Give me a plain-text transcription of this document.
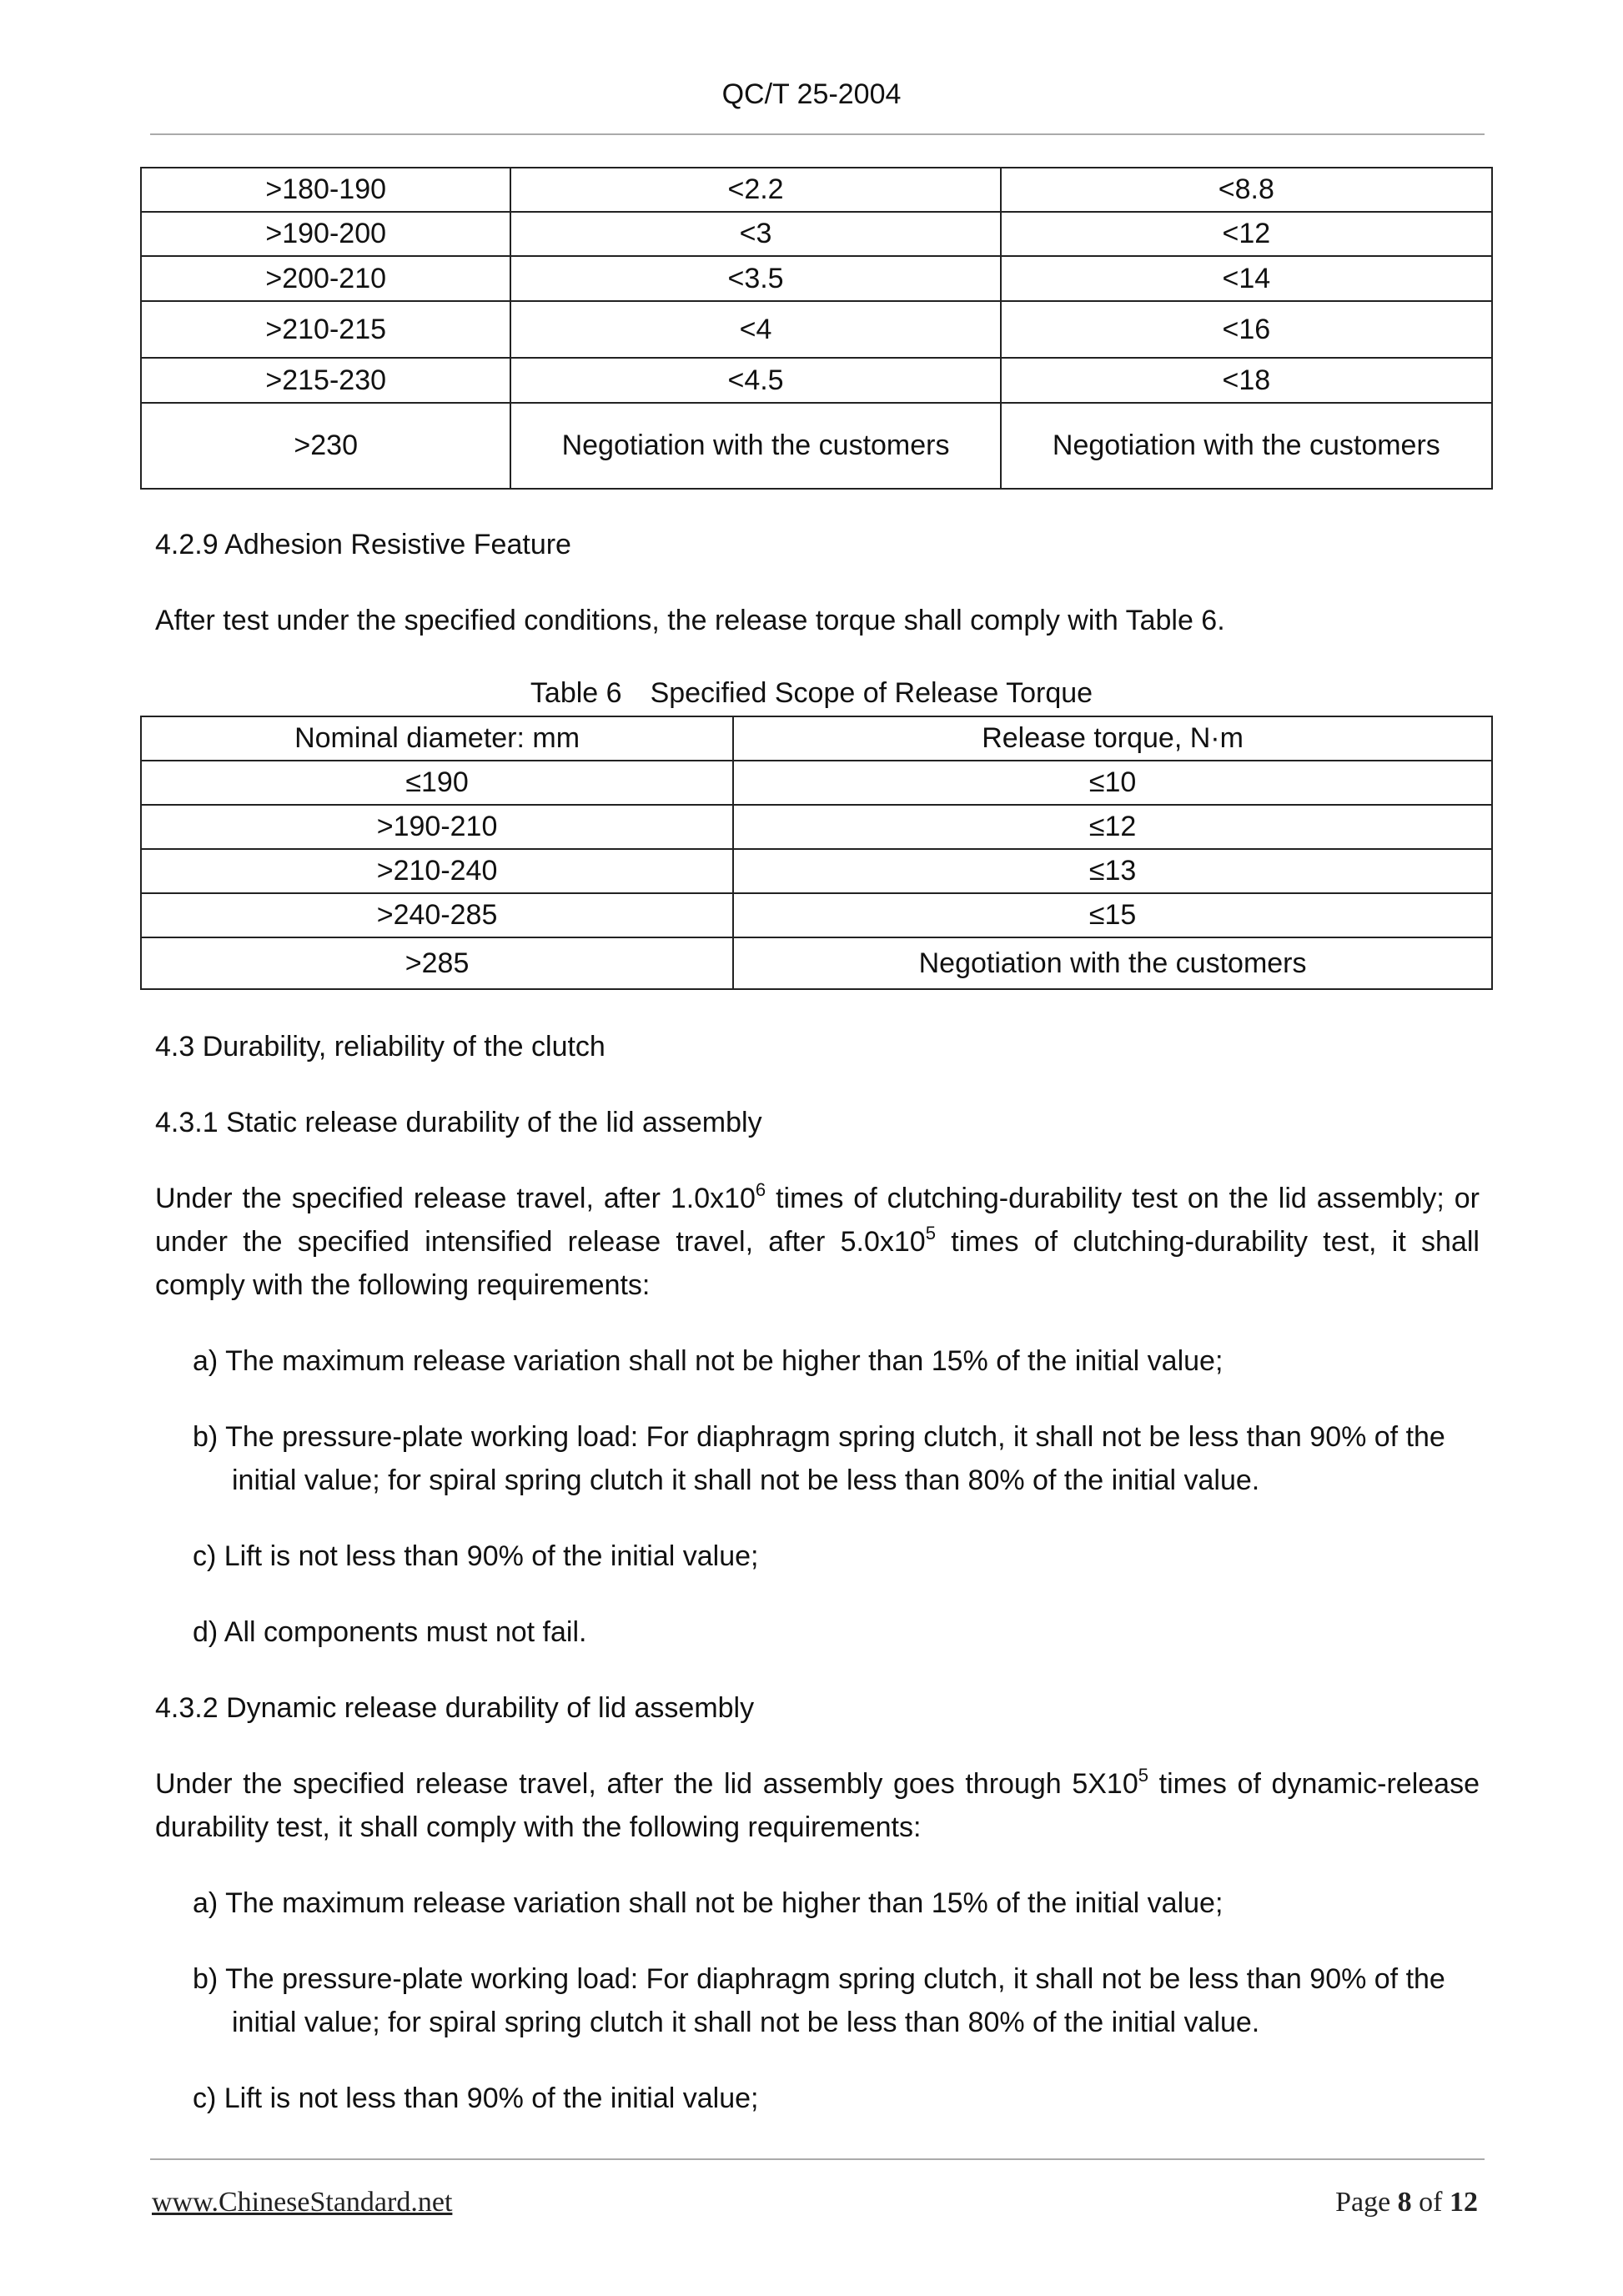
QC/T 25-2004
>180-190	<2.2	<8.8
>190-200	<3	<12
>200-210	<3.5	<14
>210-215	<4	<16
>215-230	<4.5	<18
>230	Negotiation with the customers	Negotiation with the customers
4.2.9 Adhesion Resistive Feature
After test under the specified conditions, the release torque shall comply with Table 6.
Table 6 Specified Scope of Release Torque
Nominal diameter: mm	Release torque, N·m
≤190	≤10
>190-210	≤12
>210-240	≤13
>240-285	≤15
>285	Negotiation with the customers
4.3 Durability, reliability of the clutch
4.3.1 Static release durability of the lid assembly
Under the specified release travel, after $1.0x10^6$ times of clutching-durability test on the lid assembly; or under the specified intensified release travel, after $5.0x10^5$ times of clutching-durability test, it shall comply with the following requirements:
a) The maximum release variation shall not be higher than 15% of the initial value;
b) The pressure-plate working load: For diaphragm spring clutch, it shall not be less than 90% of the
initial value; for spiral spring clutch it shall not be less than 80% of the initial value.
c) Lift is not less than 90% of the initial value;
d) All components must not fail.
4.3.2 Dynamic release durability of lid assembly
Under the specified release travel, after the lid assembly goes through $5X10^5$ times of dynamic-release durability test, it shall comply with the following requirements:
a) The maximum release variation shall not be higher than 15% of the initial value;
b) The pressure-plate working load: For diaphragm spring clutch, it shall not be less than 90% of the
initial value; for spiral spring clutch it shall not be less than 80% of the initial value.
c) Lift is not less than 90% of the initial value;
www.ChineseStandard.net	Page 8 of 12
